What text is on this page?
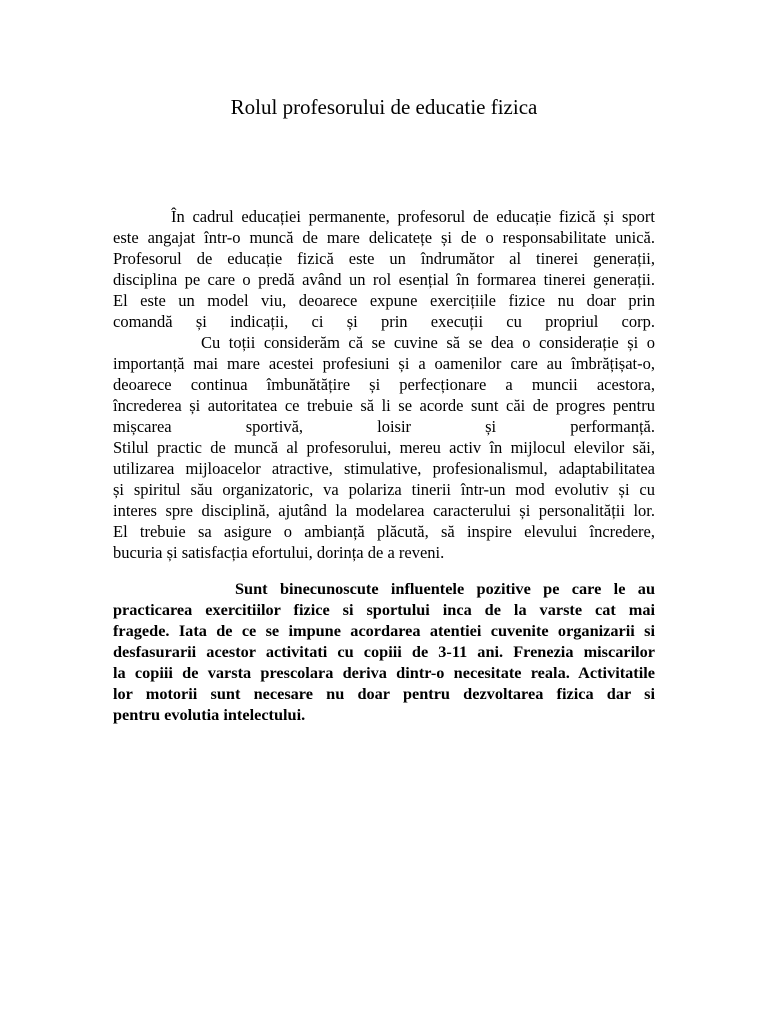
Rolul profesorului de educatie fizica
În cadrul educației permanente, profesorul de educație fizică și sport
este angajat într-o muncă de mare delicatețe și de o responsabilitate unică.
Profesorul de educație fizică este un îndrumător al tinerei generații,
disciplina pe care o predă având un rol esențial în formarea tinerei generații.
El este un model viu, deoarece expune exercițiile fizice nu doar prin
comandă și indicații, ci și prin execuții cu propriul corp.
Cu toții considerăm că se cuvine să se dea o considerație și o
importanță mai mare acestei profesiuni și a oamenilor care au îmbrățișat-o,
deoarece continua îmbunătățire și perfecționare a muncii acestora,
încrederea și autoritatea ce trebuie să li se acorde sunt căi de progres pentru
mișcarea sportivă, loisir și performanță.
Stilul practic de muncă al profesorului, mereu activ în mijlocul elevilor săi,
utilizarea mijloacelor atractive, stimulative, profesionalismul, adaptabilitatea
și spiritul său organizatoric, va polariza tinerii într-un mod evolutiv și cu
interes spre disciplină, ajutând la modelarea caracterului și personalității lor.
El trebuie sa asigure o ambianță plăcută, să inspire elevului încredere,
bucuria și satisfacția efortului, dorința de a reveni.
Sunt binecunoscute influentele pozitive pe care le au
practicarea exercitiilor fizice si sportului inca de la varste cat mai
fragede. Iata de ce se impune acordarea atentiei cuvenite organizarii si
desfasurarii acestor activitati cu copiii de 3-11 ani. Frenezia miscarilor
la copiii de varsta prescolara deriva dintr-o necesitate reala. Activitatile
lor motorii sunt necesare nu doar pentru dezvoltarea fizica dar si
pentru evolutia intelectului.
